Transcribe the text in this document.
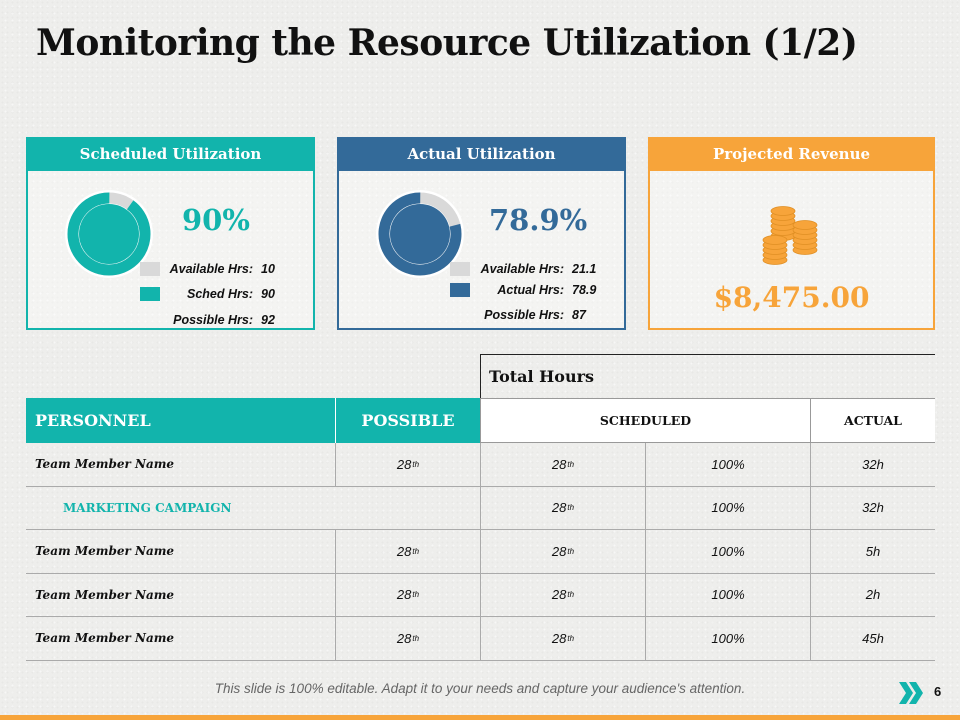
Monitoring the Resource Utilization (1/2)
Scheduled Utilization
90%
Available Hrs: 10
Sched Hrs: 90
Possible Hrs: 92
Actual Utilization
78.9%
Available Hrs: 21.1
Actual Hrs: 78.9
Possible Hrs: 87
Projected Revenue
$8,475.00
Total Hours
PERSONNEL	POSSIBLE	SCHEDULED	ACTUAL
Team Member Name	28 th	28 th	100%	32h
MARKETING CAMPAIGN	28 th	100%	32h
Team Member Name	28 th	28 th	100%	5h
Team Member Name	28 th	28 th	100%	2h
Team Member Name	28 th	28 th	100%	45h
This slide is 100% editable. Adapt it to your needs and capture your audience's attention.	6
